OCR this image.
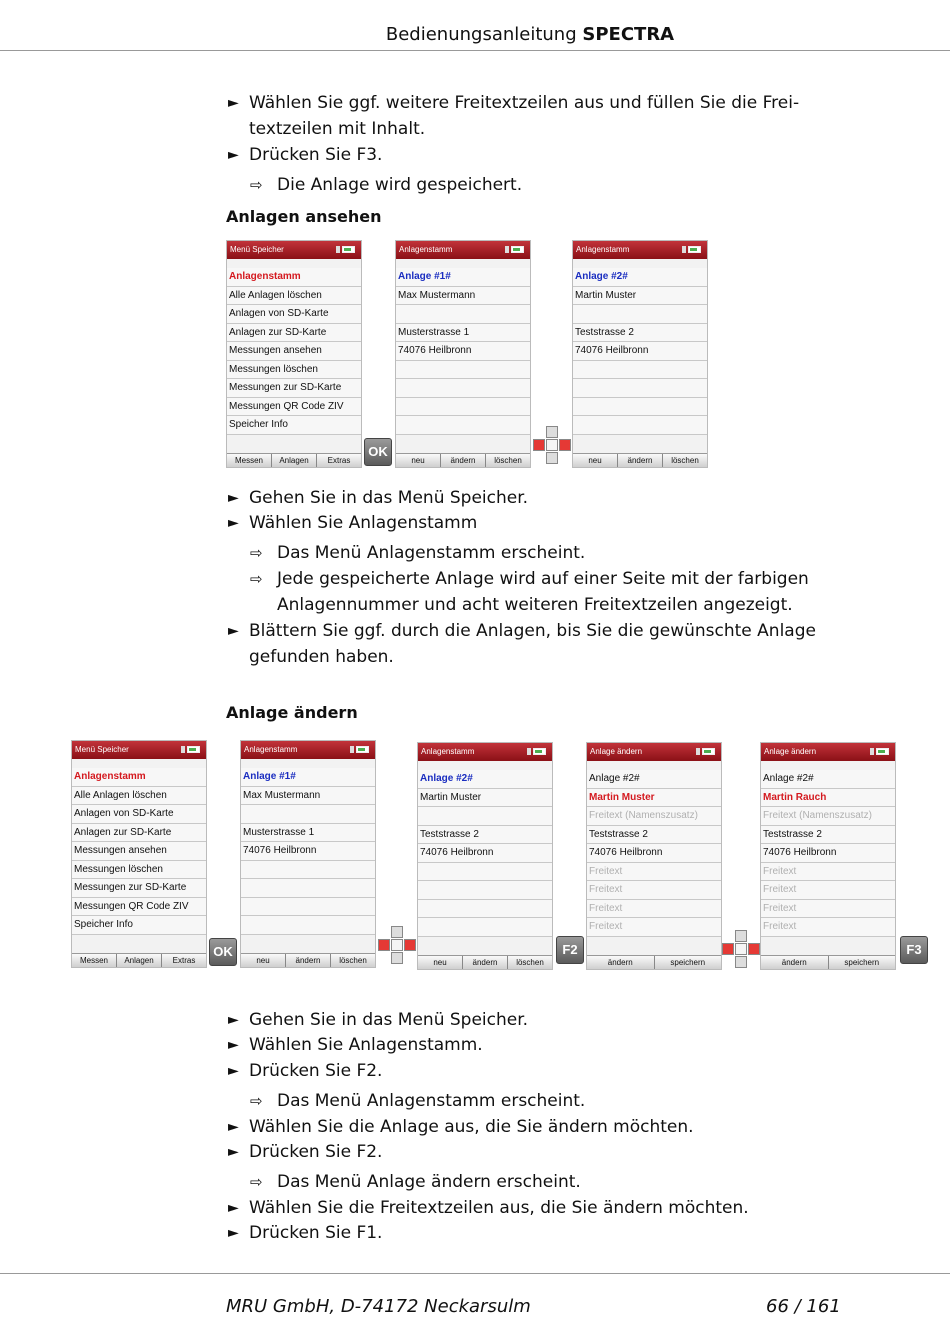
Bedienungsanleitung SPECTRA
► Wählen Sie ggf. weitere Freitextzeilen aus und füllen Sie die Frei-textzeilen mit Inhalt.
► Drücken Sie F3.
⇨ Die Anlage wird gespeichert.
Anlagen ansehen
Menü Speicher
Anlagenstamm
Alle Anlagen löschen
Anlagen von SD-Karte
Anlagen zur SD-Karte
Messungen ansehen
Messungen löschen
Messungen zur SD-Karte
Messungen QR Code ZIV
Speicher Info
Messen	Anlagen	Extras
OK
Anlagenstamm
Anlage #1#
Max Mustermann
Musterstrasse 1
74076 Heilbronn
neu	ändern	löschen
Anlagenstamm
Anlage #2#
Martin Muster
Teststrasse 2
74076 Heilbronn
neu	ändern	löschen
► Gehen Sie in das Menü Speicher.
► Wählen Sie Anlagenstamm
⇨ Das Menü Anlagenstamm erscheint.
⇨ Jede gespeicherte Anlage wird auf einer Seite mit der farbigen Anlagennummer und acht weiteren Freitextzeilen angezeigt.
► Blättern Sie ggf. durch die Anlagen, bis Sie die gewünschte Anlage gefunden haben.
Anlage ändern
Menü Speicher
Anlagenstamm
Alle Anlagen löschen
Anlagen von SD-Karte
Anlagen zur SD-Karte
Messungen ansehen
Messungen löschen
Messungen zur SD-Karte
Messungen QR Code ZIV
Speicher Info
Messen	Anlagen	Extras
OK
Anlagenstamm
Anlage #1#
Max Mustermann
Musterstrasse 1
74076 Heilbronn
neu	ändern	löschen
Anlagenstamm
Anlage #2#
Martin Muster
Teststrasse 2
74076 Heilbronn
neu	ändern	löschen
F2
Anlage ändern
Anlage #2#
Martin Muster
Freitext (Namenszusatz)
Teststrasse 2
74076 Heilbronn
Freitext
Freitext
Freitext
Freitext
ändern	speichern
Anlage ändern
Anlage #2#
Martin Rauch
Freitext (Namenszusatz)
Teststrasse 2
74076 Heilbronn
Freitext
Freitext
Freitext
Freitext
ändern	speichern
F3
► Gehen Sie in das Menü Speicher.
► Wählen Sie Anlagenstamm.
► Drücken Sie F2.
⇨ Das Menü Anlagenstamm erscheint.
► Wählen Sie die Anlage aus, die Sie ändern möchten.
► Drücken Sie F2.
⇨ Das Menü Anlage ändern erscheint.
► Wählen Sie die Freitextzeilen aus, die Sie ändern möchten.
► Drücken Sie F1.
MRU GmbH, D-74172 Neckarsulm	66 / 161
